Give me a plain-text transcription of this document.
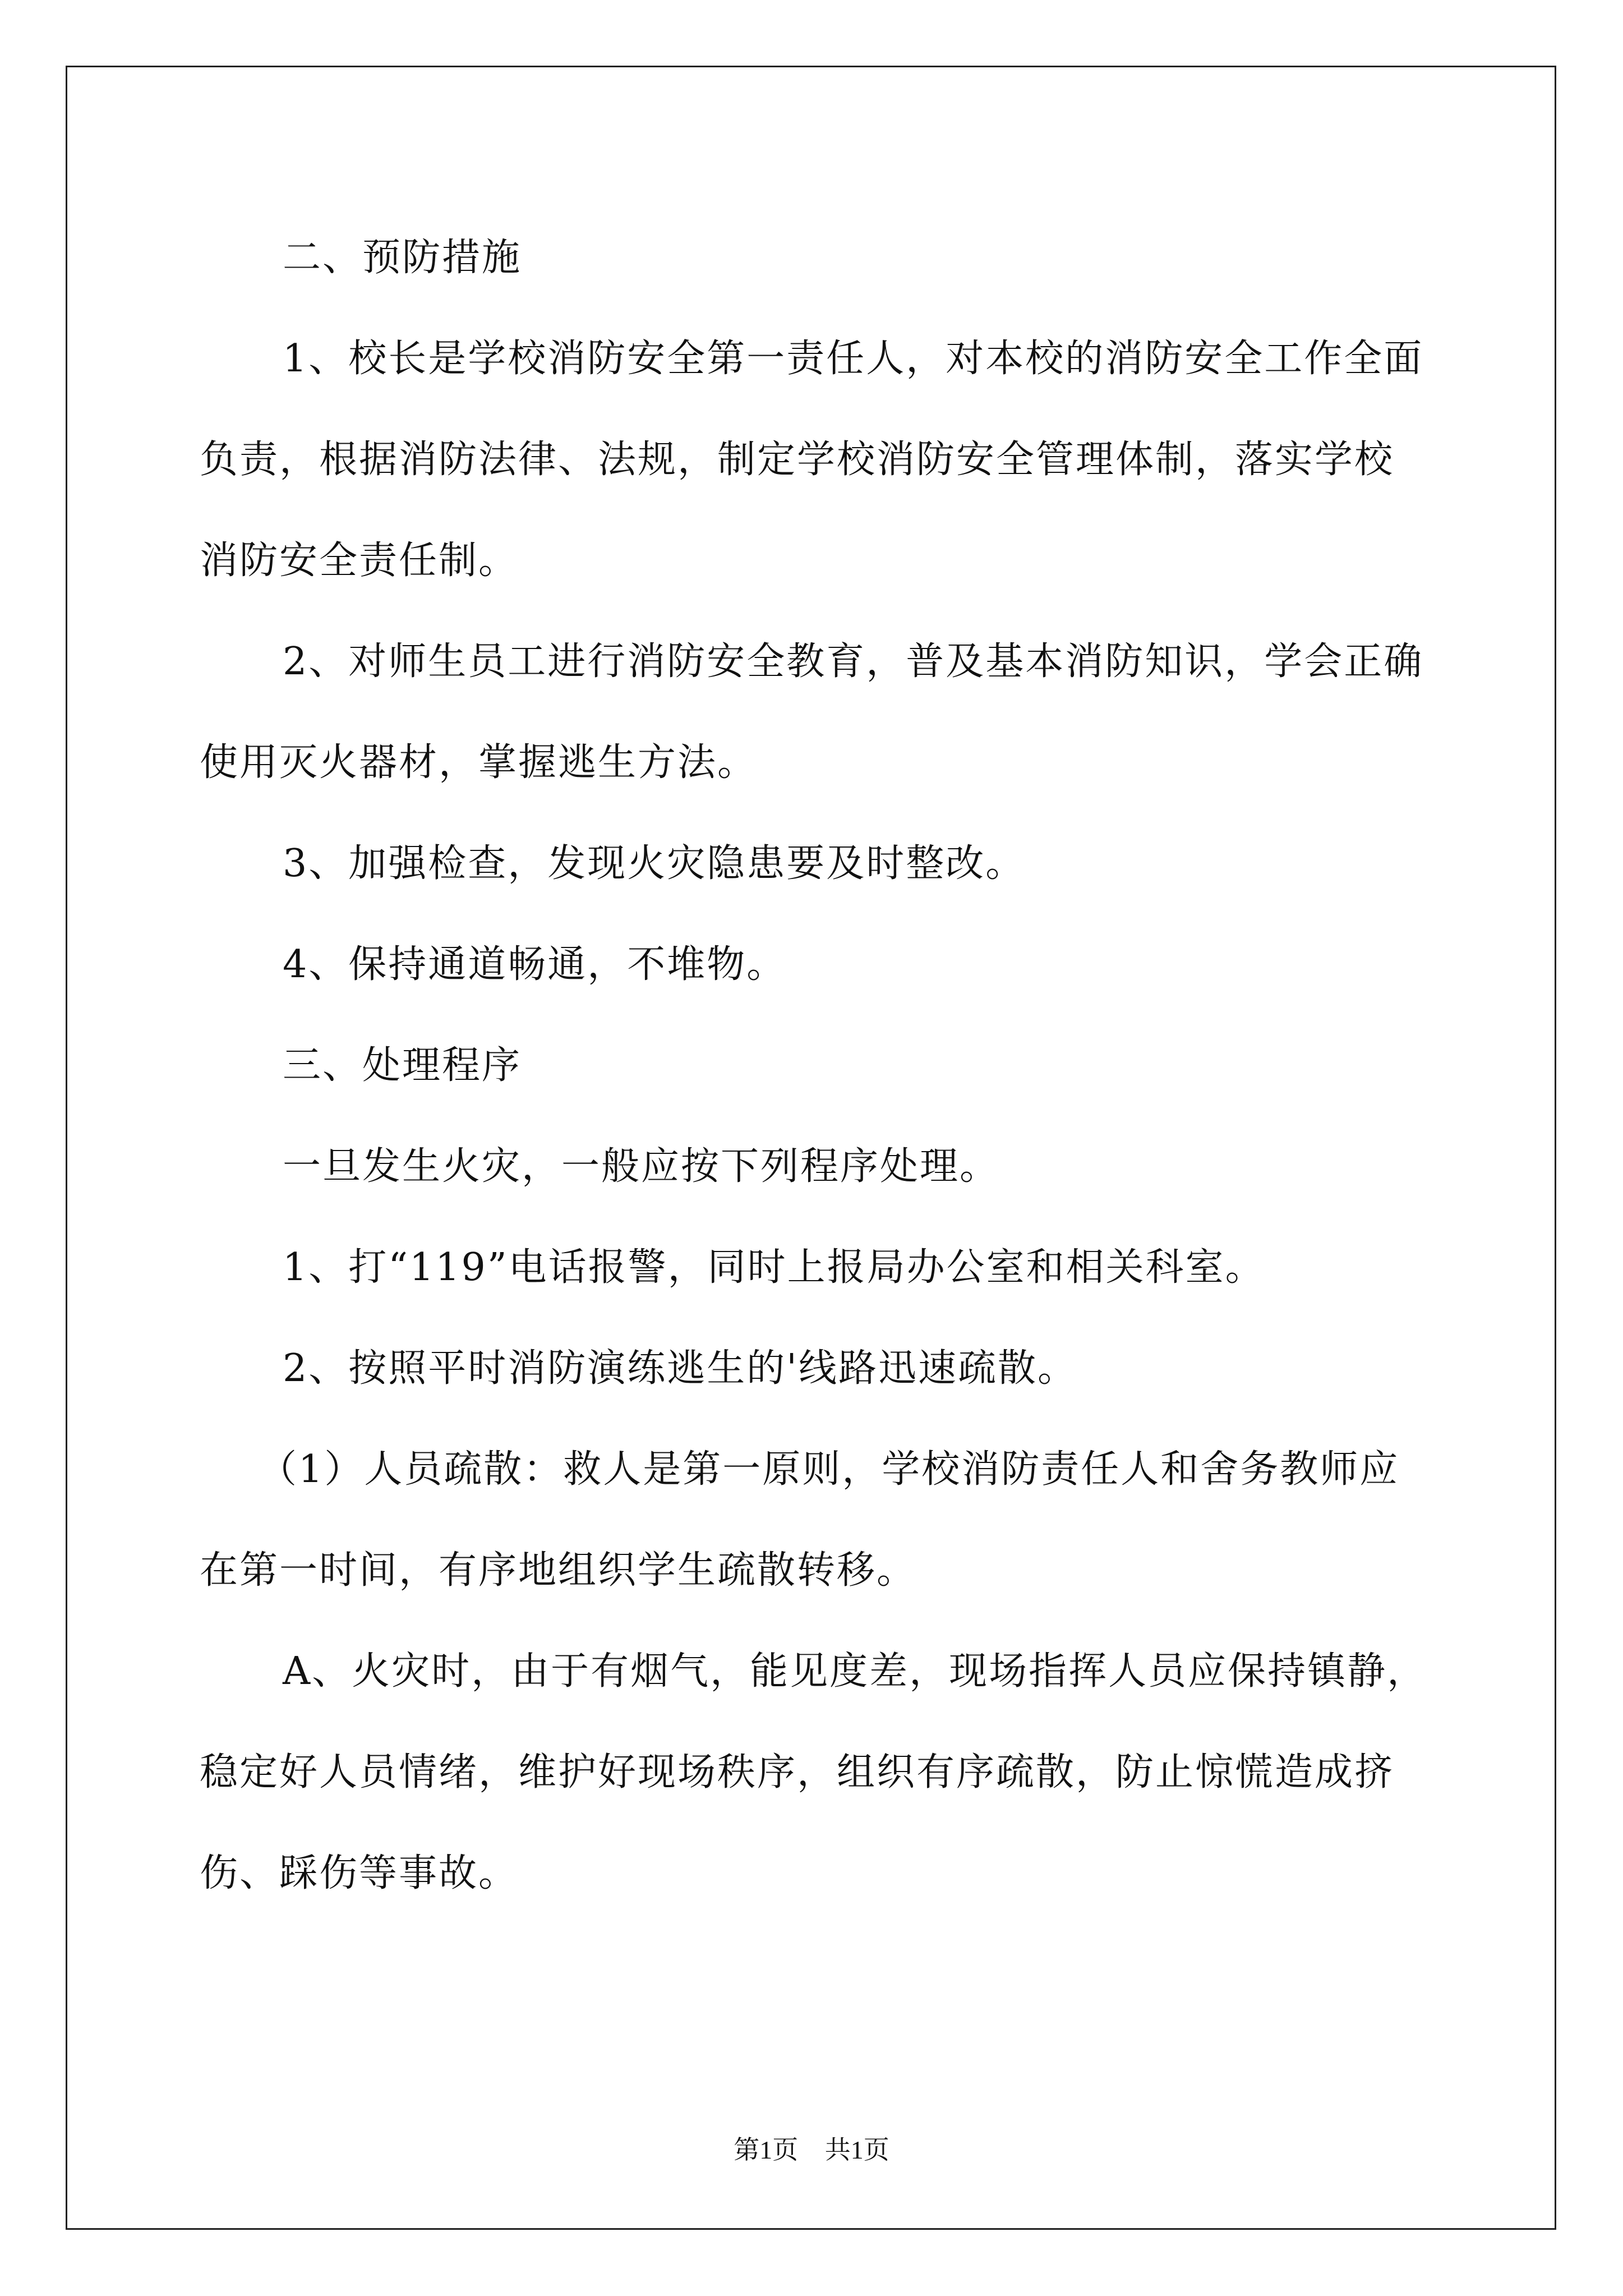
二、预防措施

1、校长是学校消防安全第一责任人，对本校的消防安全工作全面负责，根据消防法律、法规，制定学校消防安全管理体制，落实学校消防安全责任制。

2、对师生员工进行消防安全教育，普及基本消防知识，学会正确使用灭火器材，掌握逃生方法。

3、加强检查，发现火灾隐患要及时整改。

4、保持通道畅通，不堆物。

三、处理程序

一旦发生火灾，一般应按下列程序处理。

1、打“119”电话报警，同时上报局办公室和相关科室。

2、按照平时消防演练逃生的'线路迅速疏散。

（1）人员疏散：救人是第一原则，学校消防责任人和舍务教师应在第一时间，有序地组织学生疏散转移。

A、火灾时，由于有烟气，能见度差，现场指挥人员应保持镇静，稳定好人员情绪，维护好现场秩序，组织有序疏散，防止惊慌造成挤伤、踩伤等事故。

第1页 共1页
